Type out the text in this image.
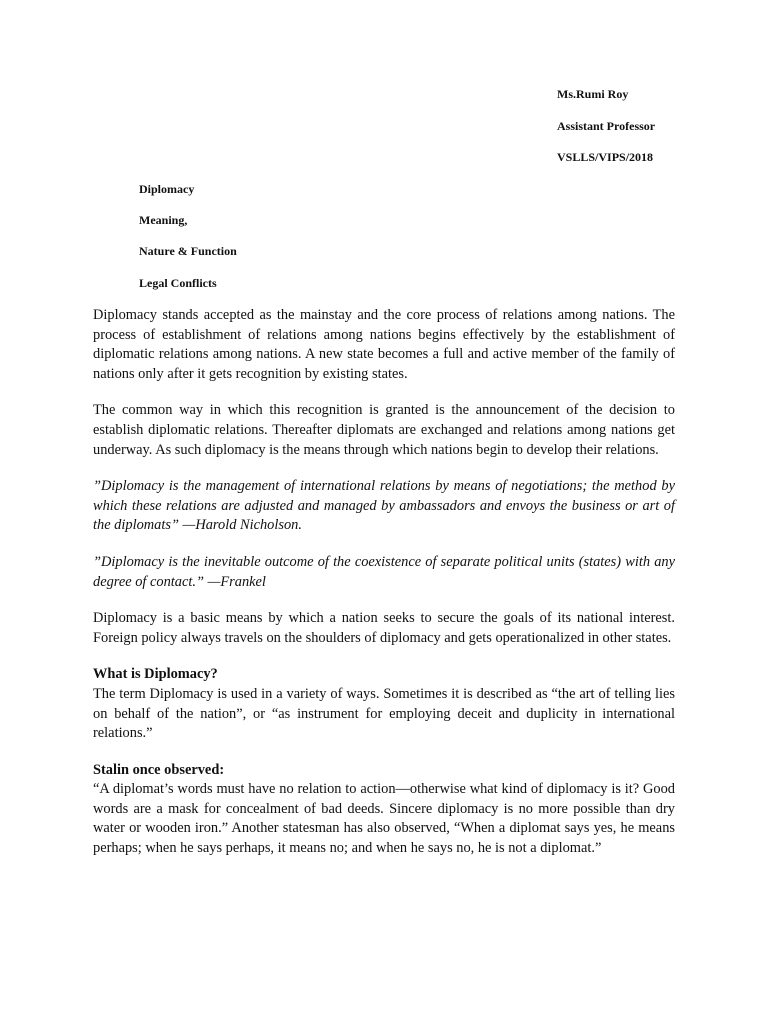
Ms.Rumi Roy
Assistant Professor
VSLLS/VIPS/2018
Diplomacy
Meaning,
Nature & Function
Legal Conflicts

Diplomacy stands accepted as the mainstay and the core process of relations among nations. The process of establishment of relations among nations begins effectively by the establishment of diplomatic relations among nations. A new state becomes a full and active member of the family of nations only after it gets recognition by existing states.

The common way in which this recognition is granted is the announcement of the decision to establish diplomatic relations. Thereafter diplomats are exchanged and relations among nations get underway. As such diplomacy is the means through which nations begin to develop their relations.

”Diplomacy is the management of international relations by means of negotiations; the method by which these relations are adjusted and managed by ambassadors and envoys the business or art of the diplomats” —Harold Nicholson.

”Diplomacy is the inevitable outcome of the coexistence of separate political units (states) with any degree of contact.” —Frankel

Diplomacy is a basic means by which a nation seeks to secure the goals of its national interest. Foreign policy always travels on the shoulders of diplomacy and gets operationalized in other states.

What is Diplomacy?

The term Diplomacy is used in a variety of ways. Sometimes it is described as “the art of telling lies on behalf of the nation”, or “as instrument for employing deceit and duplicity in international relations.”

Stalin once observed:

“A diplomat’s words must have no relation to action—otherwise what kind of diplomacy is it? Good words are a mask for concealment of bad deeds. Sincere diplomacy is no more possible than dry water or wooden iron.” Another statesman has also observed, “When a diplomat says yes, he means perhaps; when he says perhaps, it means no; and when he says no, he is not a diplomat.”
